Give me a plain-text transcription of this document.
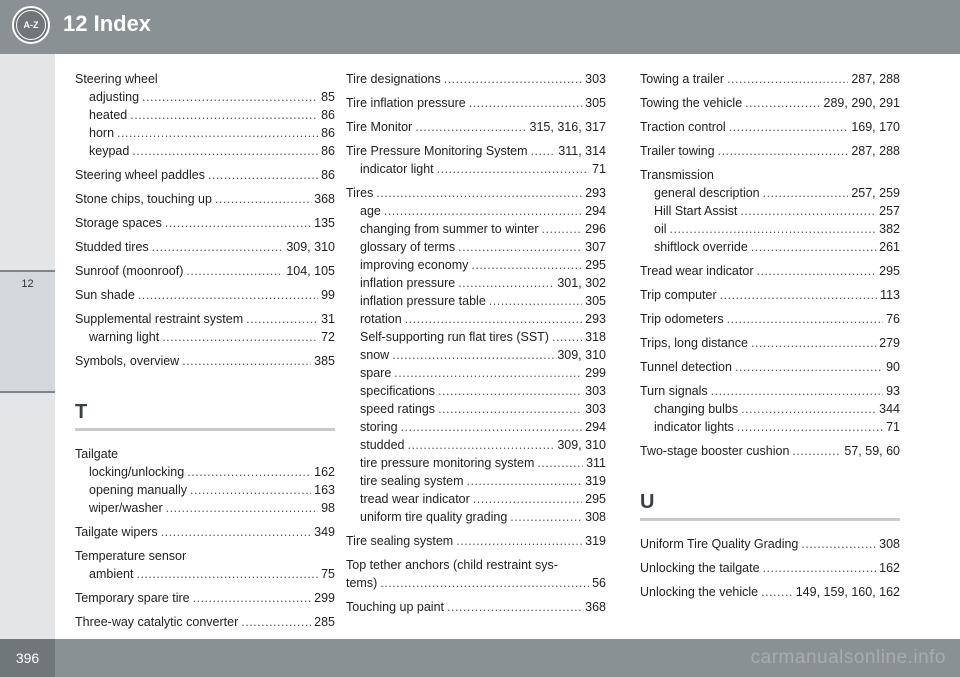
A-Z	12 Index
12
Steering wheel
adjusting .....	85
heated .....	86
horn .....	86
keypad .....	86
Steering wheel paddles .....	86
Stone chips, touching up .....	368
Storage spaces .....	135
Studded tires .....	309, 310
Sunroof (moonroof) .....	104, 105
Sun shade .....	99
Supplemental restraint system .....	31
warning light .....	72
Symbols, overview .....	385
T
Tailgate
locking/unlocking .....	162
opening manually .....	163
wiper/washer .....	98
Tailgate wipers .....	349
Temperature sensor
ambient .....	75
Temporary spare tire .....	299
Three-way catalytic converter .....	285
Tire designations .....	303
Tire inflation pressure .....	305
Tire Monitor .....	315, 316, 317
Tire Pressure Monitoring System ..... 311, 314
indicator light .....	71
Tires .....	293
age .....	294
changing from summer to winter .....	296
glossary of terms .....	307
improving economy .....	295
inflation pressure .....	301, 302
inflation pressure table .....	305
rotation .....	293
Self-supporting run flat tires (SST) .....	318
snow .....	309, 310
spare .....	299
specifications .....	303
speed ratings .....	303
storing .....	294
studded .....	309, 310
tire pressure monitoring system .....	311
tire sealing system .....	319
tread wear indicator .....	295
uniform tire quality grading .....	308
Tire sealing system .....	319
Top tether anchors (child restraint sys-
tems) .....	56
Touching up paint .....	368
Towing a trailer .....	287, 288
Towing the vehicle .....	289, 290, 291
Traction control .....	169, 170
Trailer towing .....	287, 288
Transmission
general description .....	257, 259
Hill Start Assist .....	257
oil .....	382
shiftlock override .....	261
Tread wear indicator .....	295
Trip computer .....	113
Trip odometers .....	76
Trips, long distance .....	279
Tunnel detection .....	90
Turn signals .....	93
changing bulbs .....	344
indicator lights .....	71
Two-stage booster cushion .....	57, 59, 60
U
Uniform Tire Quality Grading .....	308
Unlocking the tailgate .....	162
Unlocking the vehicle .....	149, 159, 160, 162
396	carmanualsonline.info
